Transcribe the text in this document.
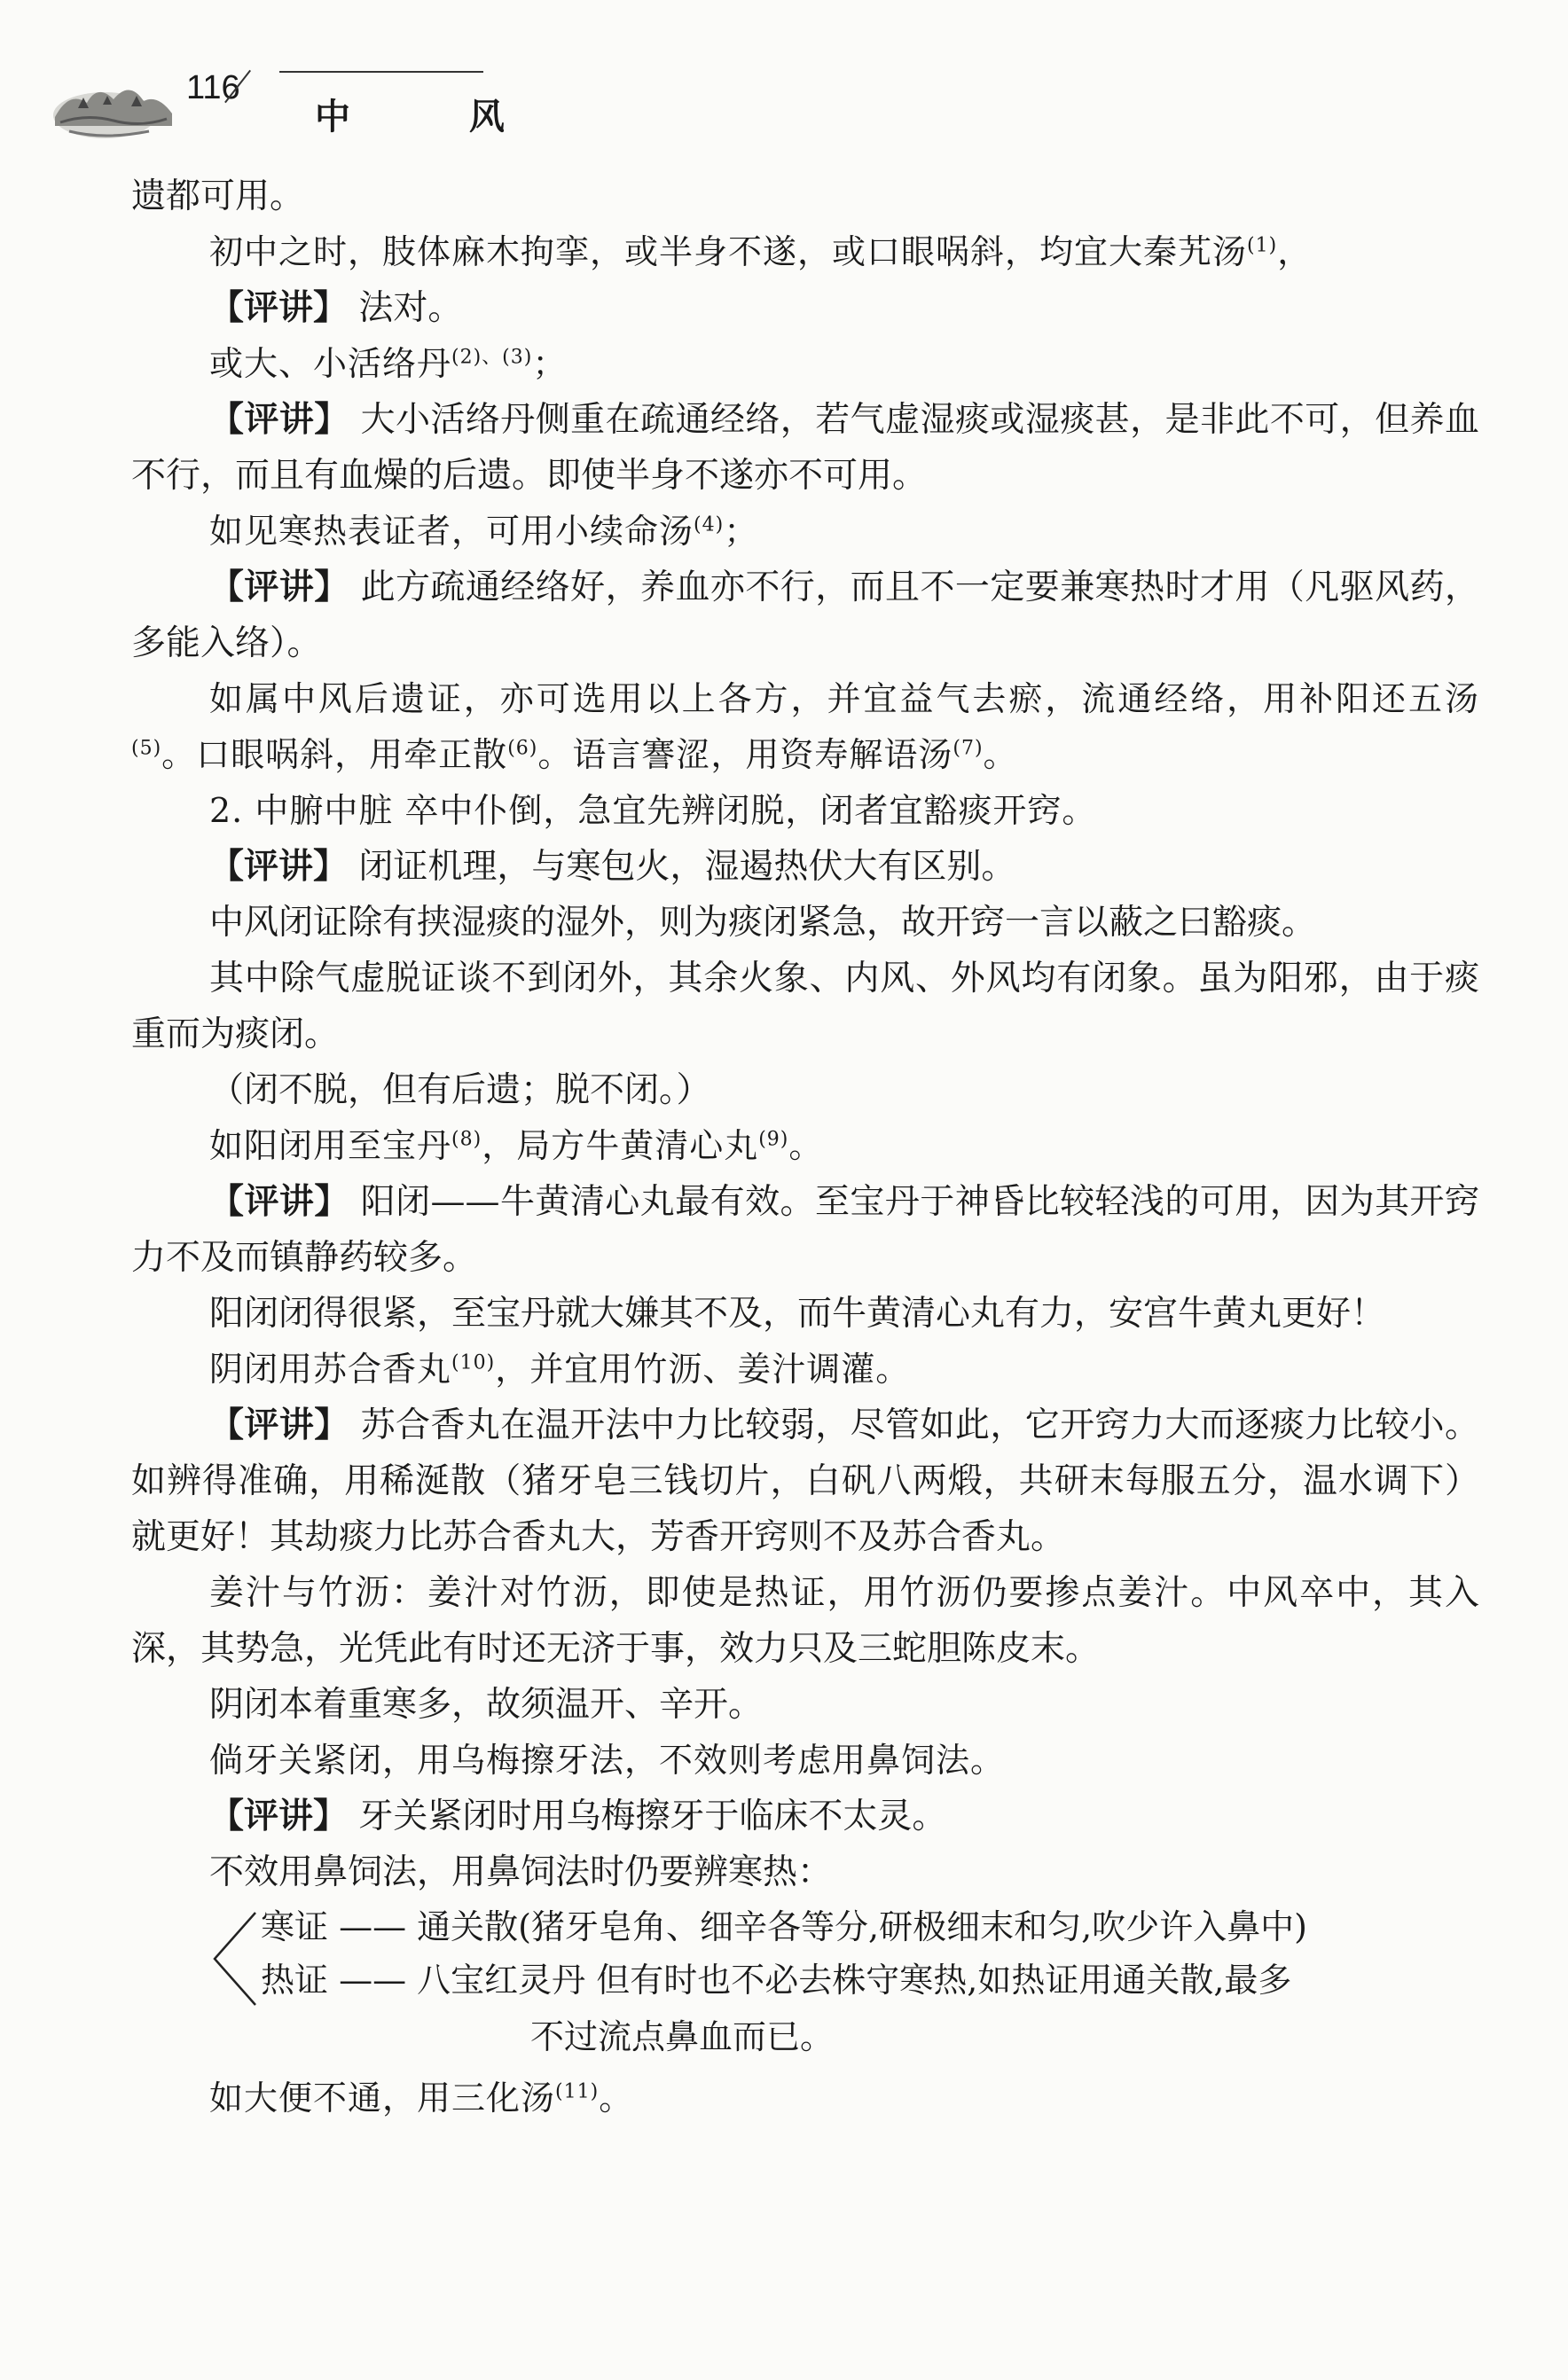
116
中 风

遗都可用。

初中之时，肢体麻木拘挛，或半身不遂，或口眼㖞斜，均宜大秦艽汤$^{(1)}$，

【评讲】 法对。

或大、小活络丹$^{(2)、(3)}$；

【评讲】 大小活络丹侧重在疏通经络，若气虚湿痰或湿痰甚，是非此不可，但养血不行，而且有血燥的后遗。即使半身不遂亦不可用。

如见寒热表证者，可用小续命汤$^{(4)}$；

【评讲】 此方疏通经络好，养血亦不行，而且不一定要兼寒热时才用（凡驱风药，多能入络）。

如属中风后遗证，亦可选用以上各方，并宜益气去瘀，流通经络，用补阳还五汤$^{(5)}$。口眼㖞斜，用牵正散$^{(6)}$。语言謇涩，用资寿解语汤$^{(7)}$。

2. 中腑中脏 卒中仆倒，急宜先辨闭脱，闭者宜豁痰开窍。

【评讲】 闭证机理，与寒包火，湿遏热伏大有区别。

中风闭证除有挟湿痰的湿外，则为痰闭紧急，故开窍一言以蔽之曰豁痰。

其中除气虚脱证谈不到闭外，其余火象、内风、外风均有闭象。虽为阳邪，由于痰重而为痰闭。

（闭不脱，但有后遗；脱不闭。）

如阳闭用至宝丹$^{(8)}$，局方牛黄清心丸$^{(9)}$。

【评讲】 阳闭——牛黄清心丸最有效。至宝丹于神昏比较轻浅的可用，因为其开窍力不及而镇静药较多。

阳闭闭得很紧，至宝丹就大嫌其不及，而牛黄清心丸有力，安宫牛黄丸更好！

阴闭用苏合香丸$^{(10)}$，并宜用竹沥、姜汁调灌。

【评讲】 苏合香丸在温开法中力比较弱，尽管如此，它开窍力大而逐痰力比较小。如辨得准确，用稀涎散（猪牙皂三钱切片，白矾八两煅，共研末每服五分，温水调下）就更好！其劫痰力比苏合香丸大，芳香开窍则不及苏合香丸。

姜汁与竹沥：姜汁对竹沥，即使是热证，用竹沥仍要掺点姜汁。中风卒中，其入深，其势急，光凭此有时还无济于事，效力只及三蛇胆陈皮末。

阴闭本着重寒多，故须温开、辛开。

倘牙关紧闭，用乌梅擦牙法，不效则考虑用鼻饲法。

【评讲】 牙关紧闭时用乌梅擦牙于临床不太灵。

不效用鼻饲法，用鼻饲法时仍要辨寒热：

寒证 —— 通关散(猪牙皂角、细辛各等分,研极细末和匀,吹少许入鼻中)
热证 —— 八宝红灵丹 但有时也不必去株守寒热,如热证用通关散,最多
不过流点鼻血而已。

如大便不通，用三化汤$^{(11)}$。
